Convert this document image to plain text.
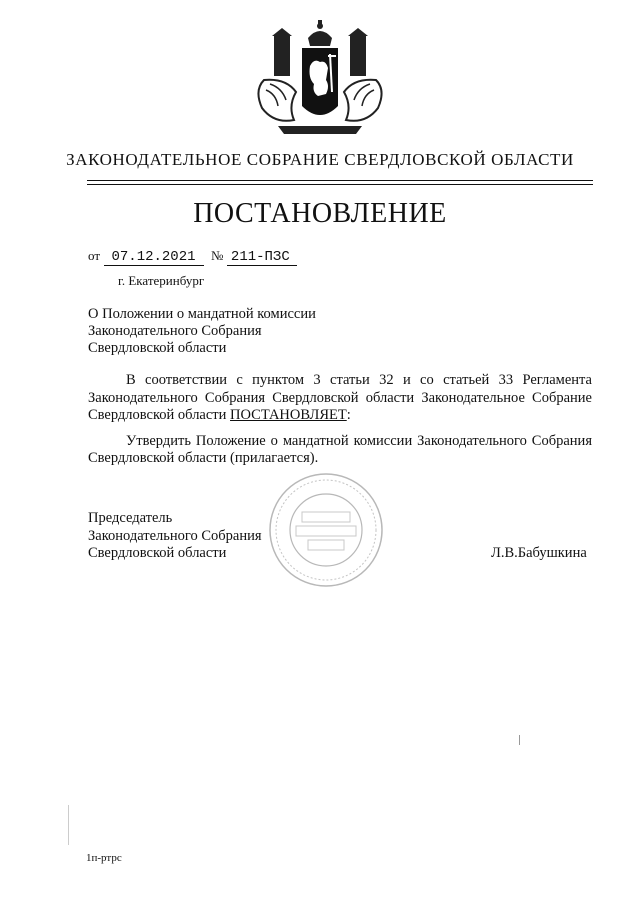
ЗАКОНОДАТЕЛЬНОЕ СОБРАНИЕ СВЕРДЛОВСКОЙ ОБЛАСТИ
ПОСТАНОВЛЕНИЕ
от 07.12.2021 № 211-ПЗС
г. Екатеринбург
О Положении о мандатной комиссии
Законодательного Собрания
Свердловской области

В соответствии с пунктом 3 статьи 32 и со статьей 33 Регламента Законодательного Собрания Свердловской области Законодательное Собрание Свердловской области ПОСТАНОВЛЯЕТ:

Утвердить Положение о мандатной комиссии Законодательного Собрания Свердловской области (прилагается).

Председатель
Законодательного Собрания
Свердловской области	Л.В.Бабушкина
1п-ртрс
